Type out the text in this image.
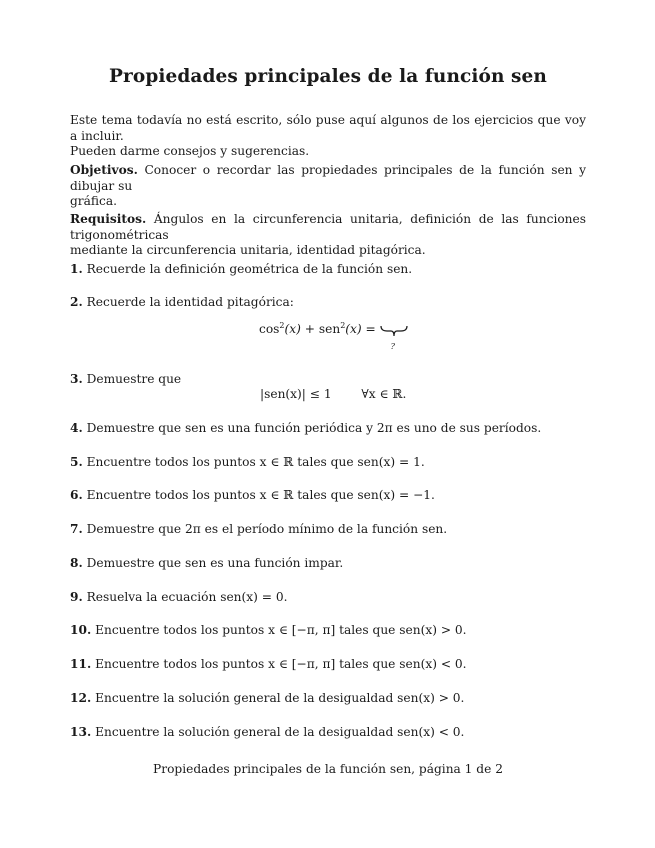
Propiedades principales de la función sen
Este tema todavía no está escrito, sólo puse aquí algunos de los ejercicios que voy a incluir.
Pueden darme consejos y sugerencias.
Objetivos. Conocer o recordar las propiedades principales de la función sen y dibujar su
gráfica.
Requisitos. Ángulos en la circunferencia unitaria, definición de las funciones trigonométricas
mediante la circunferencia unitaria, identidad pitagórica.
1. Recuerde la definición geométrica de la función sen.
2. Recuerde la identidad pitagórica:
$\cos^2(x) + sen^2(x)$ =
?
3. Demuestre que
|sen(x)| ≤ 1 ∀x ∈ ℝ.
4. Demuestre que sen es una función periódica y 2π es uno de sus períodos.
5. Encuentre todos los puntos x ∈ ℝ tales que sen(x) = 1.
6. Encuentre todos los puntos x ∈ ℝ tales que sen(x) = −1.
7. Demuestre que 2π es el período mínimo de la función sen.
8. Demuestre que sen es una función impar.
9. Resuelva la ecuación sen(x) = 0.
10. Encuentre todos los puntos x ∈ [−π, π] tales que sen(x) > 0.
11. Encuentre todos los puntos x ∈ [−π, π] tales que sen(x) < 0.
12. Encuentre la solución general de la desigualdad sen(x) > 0.
13. Encuentre la solución general de la desigualdad sen(x) < 0.
Propiedades principales de la función sen, página 1 de 2
